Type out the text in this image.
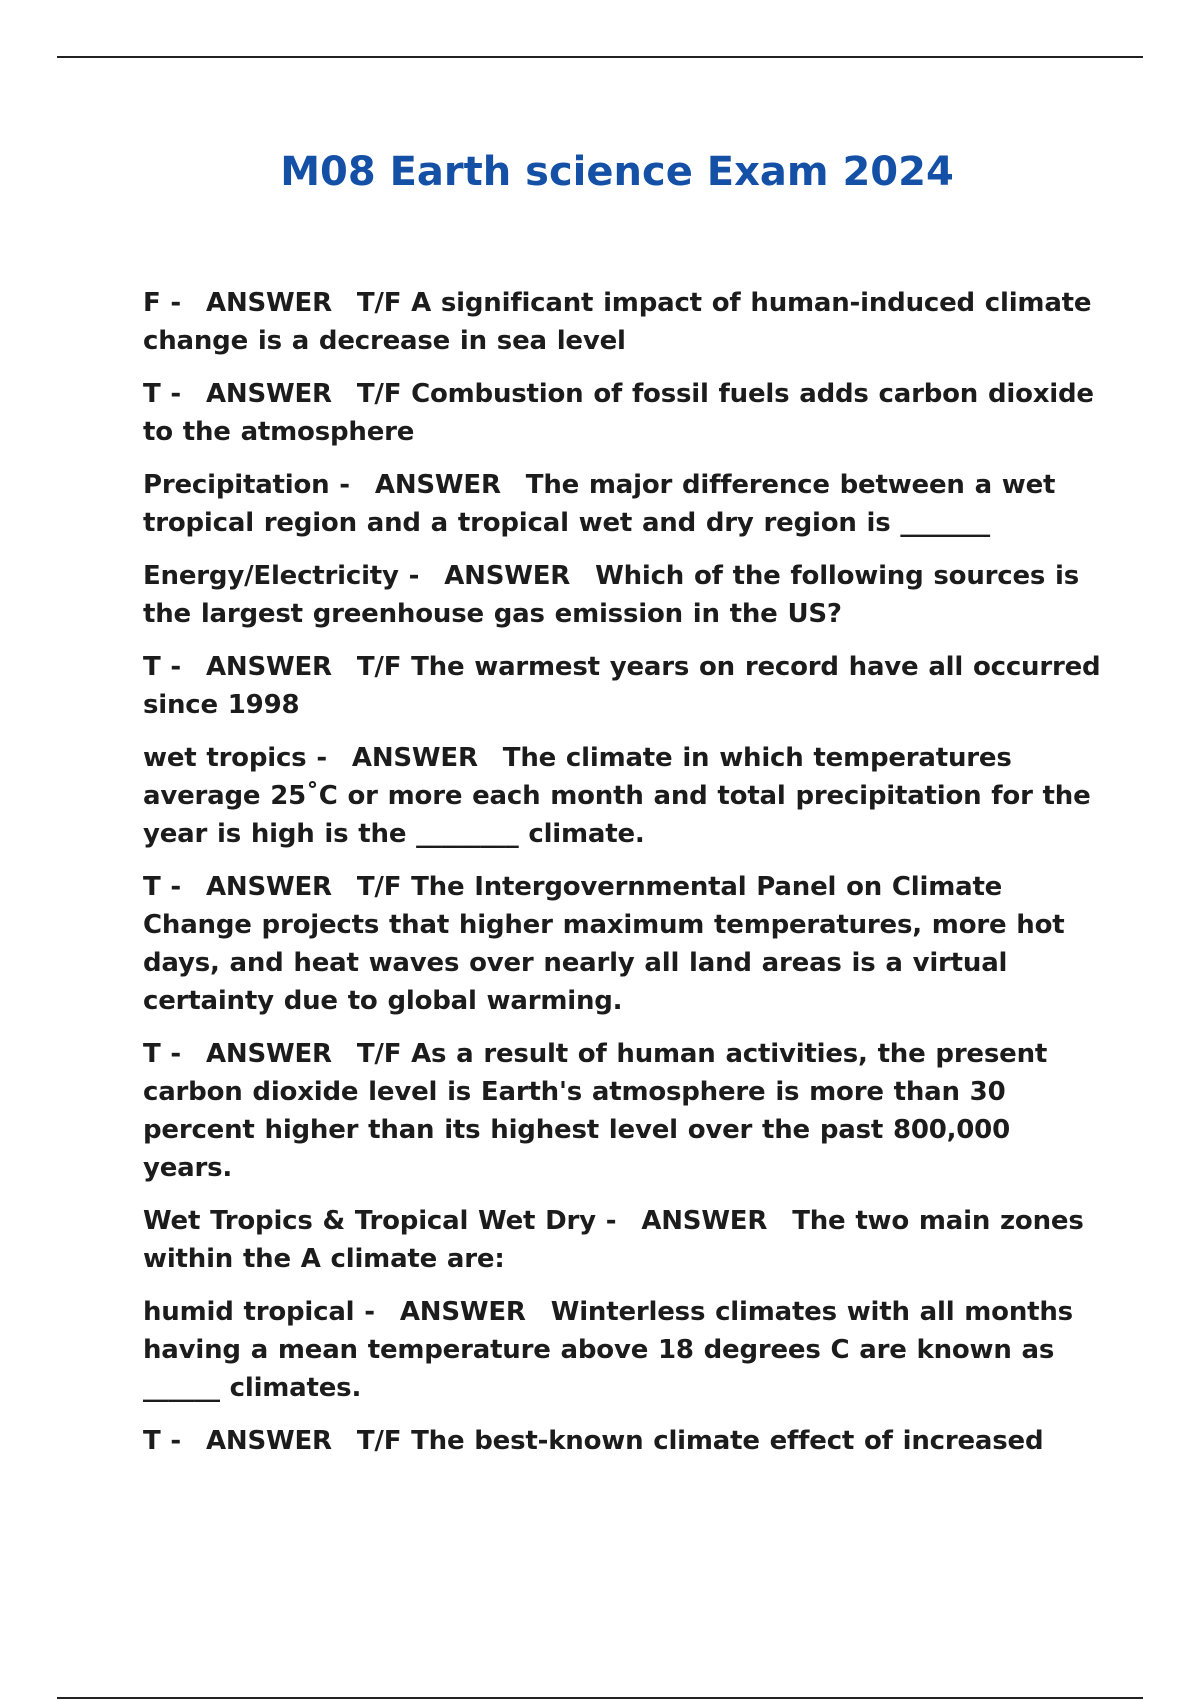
M08 Earth science Exam 2024

F - ANSWER T/F A significant impact of human-induced climate change is a decrease in sea level

T - ANSWER T/F Combustion of fossil fuels adds carbon dioxide to the atmosphere

Precipitation - ANSWER The major difference between a wet tropical region and a tropical wet and dry region is _______

Energy/Electricity - ANSWER Which of the following sources is the largest greenhouse gas emission in the US?

T - ANSWER T/F The warmest years on record have all occurred since 1998

wet tropics - ANSWER The climate in which temperatures average 25˚C or more each month and total precipitation for the year is high is the ________ climate.

T - ANSWER T/F The Intergovernmental Panel on Climate Change projects that higher maximum temperatures, more hot days, and heat waves over nearly all land areas is a virtual certainty due to global warming.

T - ANSWER T/F As a result of human activities, the present carbon dioxide level is Earth's atmosphere is more than 30 percent higher than its highest level over the past 800,000 years.

Wet Tropics & Tropical Wet Dry - ANSWER The two main zones within the A climate are:

humid tropical - ANSWER Winterless climates with all months having a mean temperature above 18 degrees C are known as ______ climates.

T - ANSWER T/F The best-known climate effect of increased
